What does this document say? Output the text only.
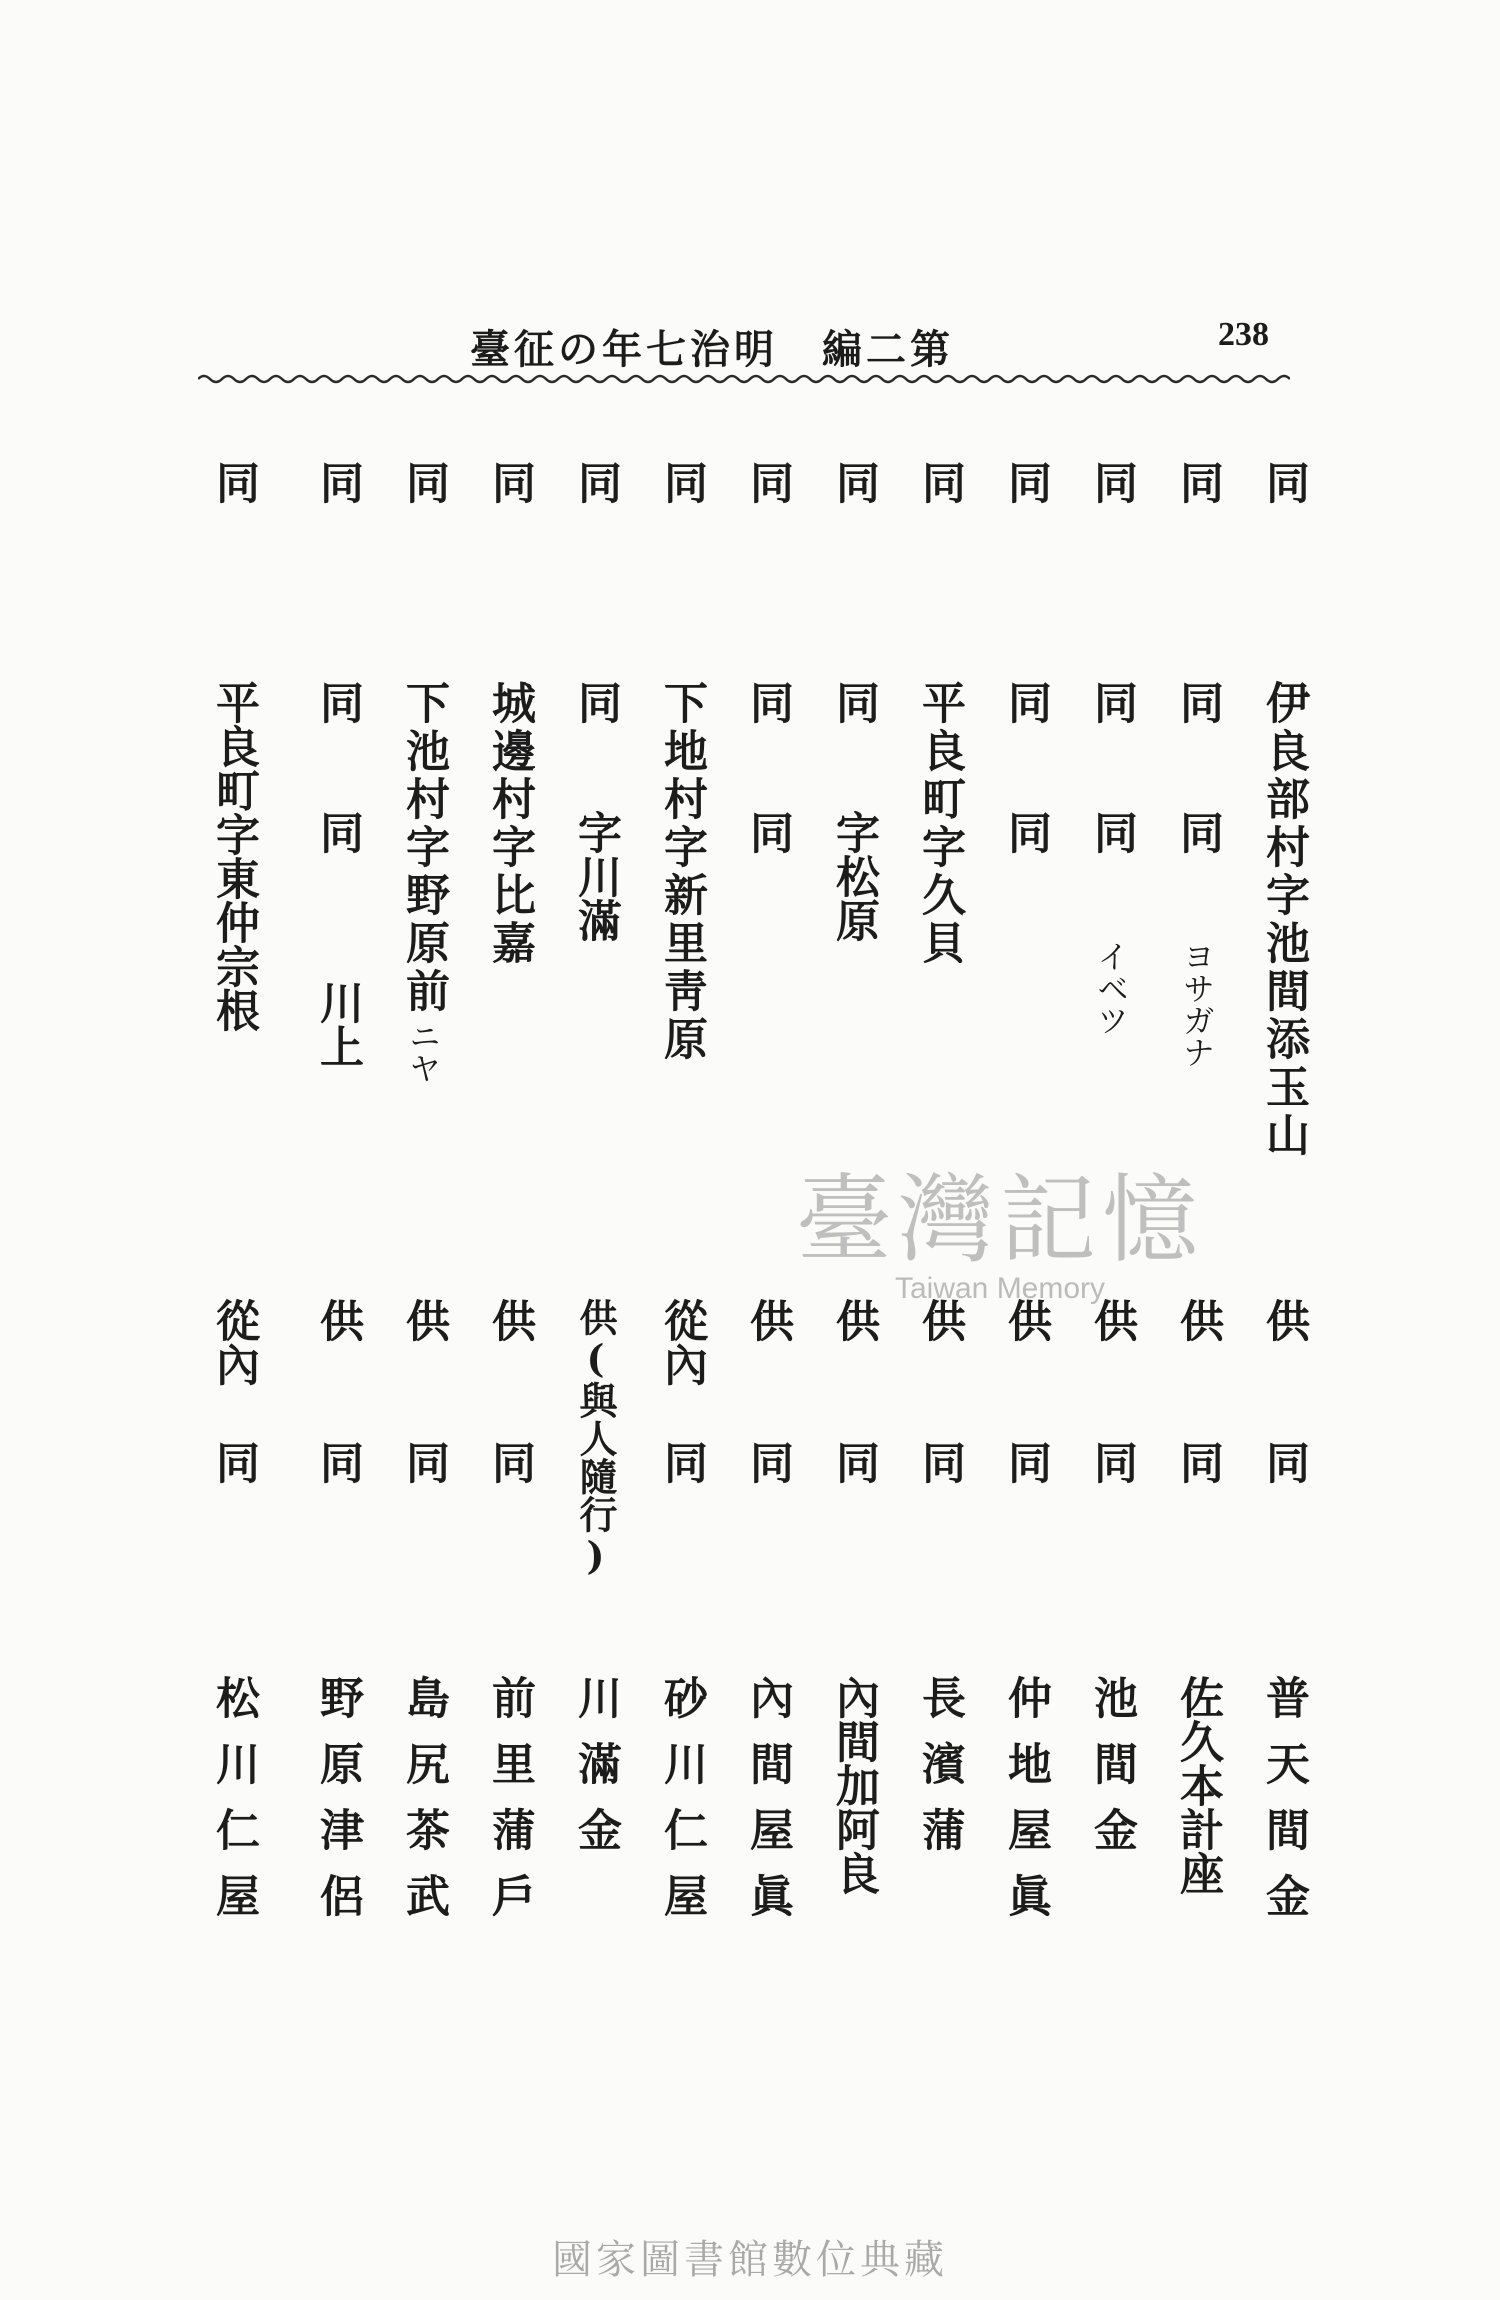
臺征の年七治明　編二第	238
同
伊良部村字池間添玉山
供
同
普天間金
同
同
同
ヨサガナ
供
同
佐久本計座
同
同
同
イベツ
供
同
池間金
同
同
同
供
同
仲地屋眞
同
平良町字久貝
供
同
長濱蒲
同
同
字松原
供
同
內間加阿良
同
同
同
供
同
內間屋眞
同
下地村字新里靑原
從內
同
砂川仁屋
同
同
字川滿
供(與人隨行)
川滿金
同
城邊村字比嘉
供
同
前里蒲戶
同
下池村字野原前
ニヤ
供
同
島尻茶武
同
同
同
川上
供
同
野原津侶
同
平良町字東仲宗根
從內
同
松川仁屋
臺灣記憶
Taiwan Memory
國家圖書館數位典藏
